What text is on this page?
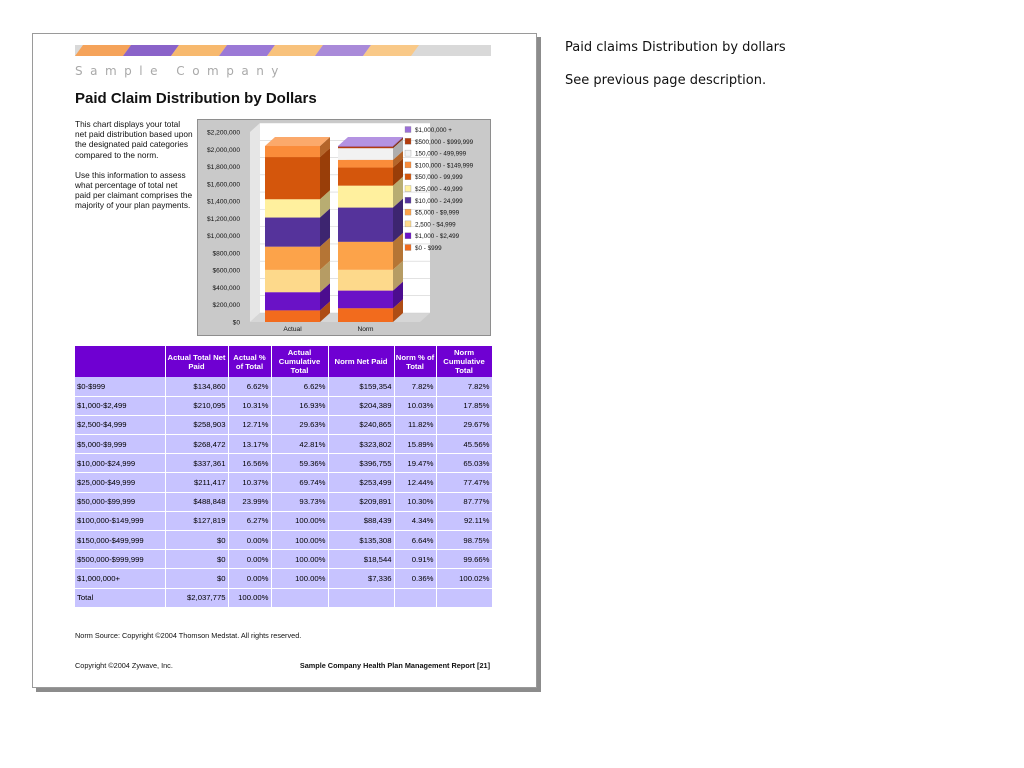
Sample Company
Paid Claim Distribution by Dollars

This chart displays your total net paid distribution based upon the designated paid categories compared to the norm.

Use this information to assess what percentage of total net paid per claimant comprises the majority of your plan payments.

$0
$200,000
$400,000
$600,000
$800,000
$1,000,000
$1,200,000
$1,400,000
$1,600,000
$1,800,000
$2,000,000
$2,200,000
Actual	Norm
$1,000,000 +
$500,000 - $999,999
150,000 - 499,999
$100,000 - $149,999
$50,000 - 99,999
$25,000 - 49,999
$10,000 - 24,999
$5,000 - $9,999
2,500 - $4,999
$1,000 - $2,499
$0 - $999
	Actual Total Net Paid	Actual % of Total	Actual Cumulative Total	Norm Net Paid	Norm % of Total	Norm Cumulative Total
$0-$999	$134,860	6.62%	6.62%	$159,354	7.82%	7.82%
$1,000-$2,499	$210,095	10.31%	16.93%	$204,389	10.03%	17.85%
$2,500-$4,999	$258,903	12.71%	29.63%	$240,865	11.82%	29.67%
$5,000-$9,999	$268,472	13.17%	42.81%	$323,802	15.89%	45.56%
$10,000-$24,999	$337,361	16.56%	59.36%	$396,755	19.47%	65.03%
$25,000-$49,999	$211,417	10.37%	69.74%	$253,499	12.44%	77.47%
$50,000-$99,999	$488,848	23.99%	93.73%	$209,891	10.30%	87.77%
$100,000-$149,999	$127,819	6.27%	100.00%	$88,439	4.34%	92.11%
$150,000-$499,999	$0	0.00%	100.00%	$135,308	6.64%	98.75%
$500,000-$999,999	$0	0.00%	100.00%	$18,544	0.91%	99.66%
$1,000,000+	$0	0.00%	100.00%	$7,336	0.36%	100.02%
Total	$2,037,775	100.00%				
Norm Source: Copyright ©2004 Thomson Medstat. All rights reserved.
Copyright ©2004 Zywave, Inc.	Sample Company Health Plan Management Report [21]
Paid claims Distribution by dollars
See previous page description.
